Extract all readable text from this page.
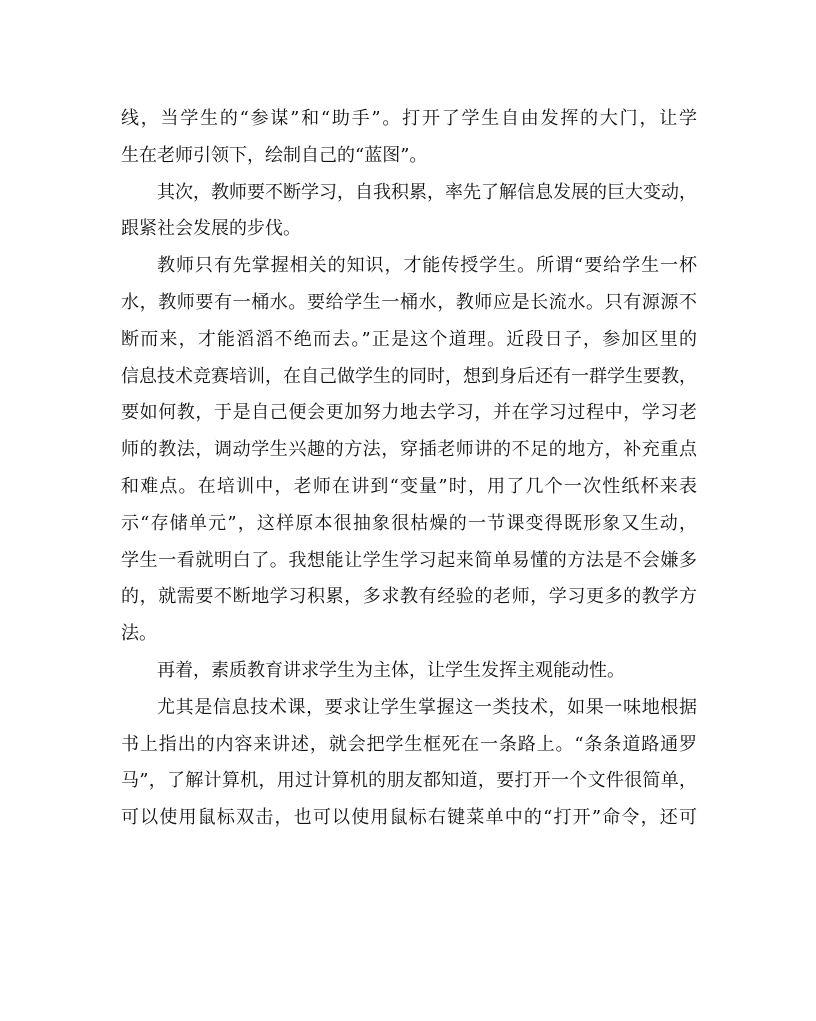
线，当学生的“参谋”和“助手”。打开了学生自由发挥的大门，让学
生在老师引领下，绘制自己的“蓝图”。
其次，教师要不断学习，自我积累，率先了解信息发展的巨大变动，
跟紧社会发展的步伐。
教师只有先掌握相关的知识，才能传授学生。所谓“要给学生一杯
水，教师要有一桶水。要给学生一桶水，教师应是长流水。只有源源不
断而来，才能滔滔不绝而去。”正是这个道理。近段日子，参加区里的
信息技术竞赛培训，在自己做学生的同时，想到身后还有一群学生要教，
要如何教，于是自己便会更加努力地去学习，并在学习过程中，学习老
师的教法，调动学生兴趣的方法，穿插老师讲的不足的地方，补充重点
和难点。在培训中，老师在讲到“变量”时，用了几个一次性纸杯来表
示“存储单元”，这样原本很抽象很枯燥的一节课变得既形象又生动，
学生一看就明白了。我想能让学生学习起来简单易懂的方法是不会嫌多
的，就需要不断地学习积累，多求教有经验的老师，学习更多的教学方
法。
再着，素质教育讲求学生为主体，让学生发挥主观能动性。
尤其是信息技术课，要求让学生掌握这一类技术，如果一味地根据
书上指出的内容来讲述，就会把学生框死在一条路上。“条条道路通罗
马”，了解计算机，用过计算机的朋友都知道，要打开一个文件很简单，
可以使用鼠标双击，也可以使用鼠标右键菜单中的“打开”命令，还可
